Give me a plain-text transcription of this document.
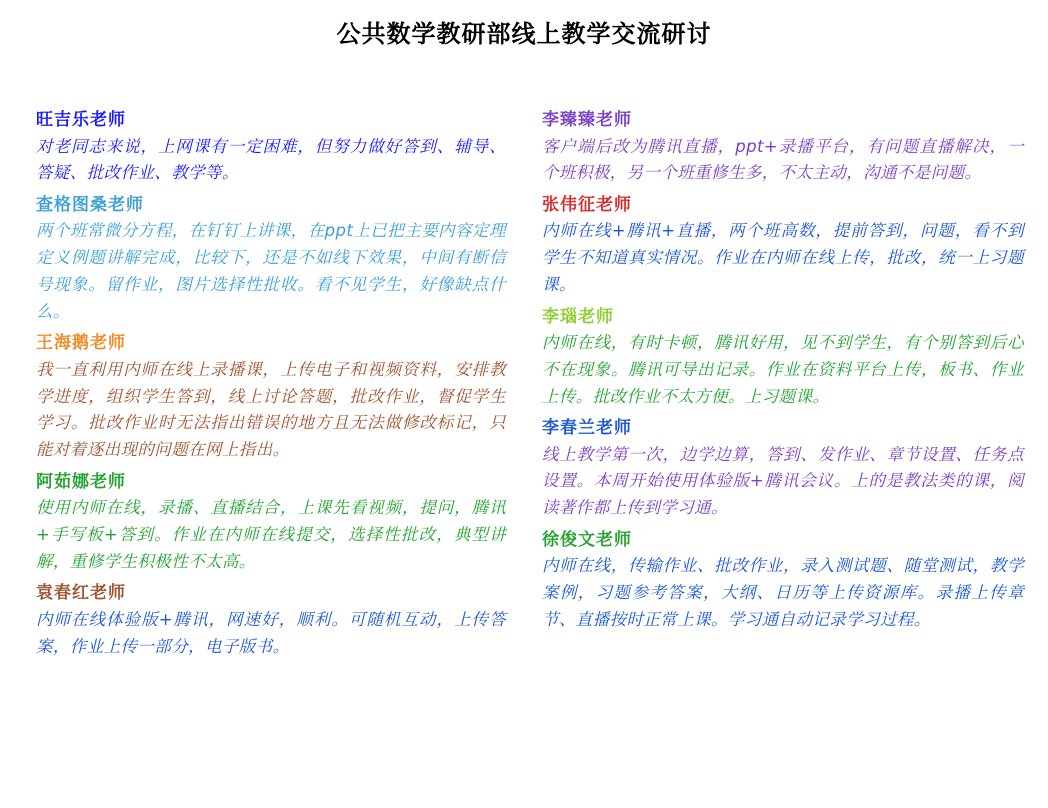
公共数学教研部线上教学交流研讨
旺吉乐老师
对老同志来说，上网课有一定困难，但努力做好答到、辅导、答疑、批改作业、教学等。
查格图桑老师
两个班常微分方程，在钉钉上讲课，在ppt上已把主要内容定理定义例题讲解完成，比较下，还是不如线下效果，中间有断信号现象。留作业，图片选择性批收。看不见学生，好像缺点什么。
王海鹅老师
我一直利用内师在线上录播课，上传电子和视频资料，安排教学进度，组织学生答到，线上讨论答题，批改作业，督促学生学习。批改作业时无法指出错误的地方且无法做修改标记，只能对着逐出现的问题在网上指出。
阿茹娜老师
使用内师在线，录播、直播结合，上课先看视频，提问，腾讯+手写板+答到。作业在内师在线提交，选择性批改，典型讲解，重修学生积极性不太高。
袁春红老师
内师在线体验版+腾讯，网速好，顺利。可随机互动，上传答案，作业上传一部分，电子版书。
李臻臻老师
客户端后改为腾讯直播，ppt+录播平台，有问题直播解决，一个班积极，另一个班重修生多，不太主动，沟通不是问题。
张伟征老师
内师在线+腾讯+直播，两个班高数，提前答到，问题，看不到学生不知道真实情况。作业在内师在线上传，批改，统一上习题课。
李瑙老师
内师在线，有时卡顿，腾讯好用，见不到学生，有个别答到后心不在现象。腾讯可导出记录。作业在资料平台上传，板书、作业上传。批改作业不太方便。上习题课。
李春兰老师
线上教学第一次，边学边算，答到、发作业、章节设置、任务点设置。本周开始使用体验版+腾讯会议。上的是教法类的课，阅读著作都上传到学习通。
徐俊文老师
内师在线，传输作业、批改作业，录入测试题、随堂测试，教学案例，习题参考答案，大纲、日历等上传资源库。录播上传章节、直播按时正常上课。学习通自动记录学习过程。
